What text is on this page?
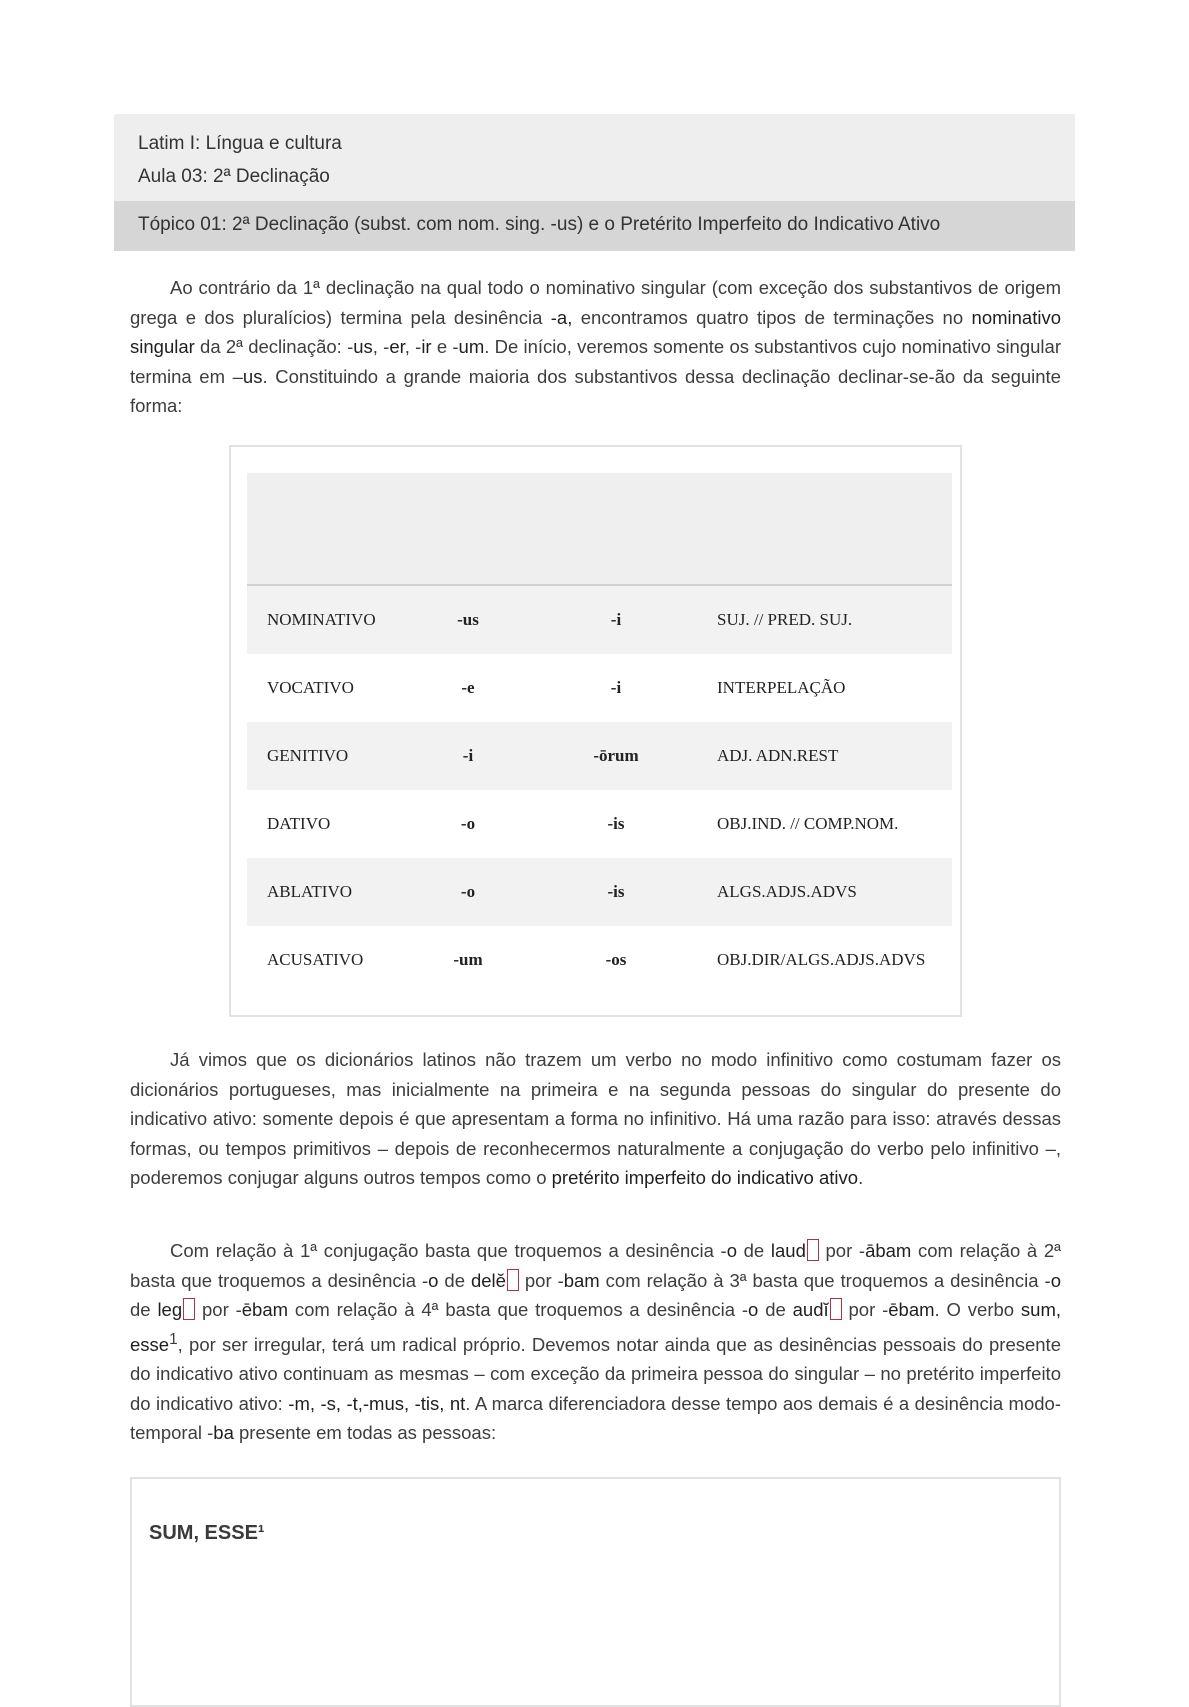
Latim I: Língua e cultura
Aula 03: 2ª Declinação
Tópico 01: 2ª Declinação (subst. com nom. sing. -us) e o Pretérito Imperfeito do Indicativo Ativo
Ao contrário da 1ª declinação na qual todo o nominativo singular (com exceção dos substantivos de origem grega e dos pluralícios) termina pela desinência -a, encontramos quatro tipos de terminações no nominativo singular da 2ª declinação: -us, -er, -ir e -um. De início, veremos somente os substantivos cujo nominativo singular termina em –us. Constituindo a grande maioria dos substantivos dessa declinação declinar-se-ão da seguinte forma:
NOMINATIVO	-us	-i	SUJ. // PRED. SUJ.
VOCATIVO	-e	-i	INTERPELAÇÃO
GENITIVO	-i	-ōrum	ADJ. ADN.REST
DATIVO	-o	-is	OBJ.IND. // COMP.NOM.
ABLATIVO	-o	-is	ALGS.ADJS.ADVS
ACUSATIVO	-um	-os	OBJ.DIR/ALGS.ADJS.ADVS
Já vimos que os dicionários latinos não trazem um verbo no modo infinitivo como costumam fazer os dicionários portugueses, mas inicialmente na primeira e na segunda pessoas do singular do presente do indicativo ativo: somente depois é que apresentam a forma no infinitivo. Há uma razão para isso: através dessas formas, ou tempos primitivos – depois de reconhecermos naturalmente a conjugação do verbo pelo infinitivo –, poderemos conjugar alguns outros tempos como o pretérito imperfeito do indicativo ativo.
Com relação à 1ª conjugação basta que troquemos a desinência -o de laud por -ābam com relação à 2ª basta que troquemos a desinência -o de delĕ por -bam com relação à 3ª basta que troquemos a desinência -o de leg por -ēbam com relação à 4ª basta que troquemos a desinência -o de audĭ por -ēbam. O verbo sum, esse$^1$, por ser irregular, terá um radical próprio. Devemos notar ainda que as desinências pessoais do presente do indicativo ativo continuam as mesmas – com exceção da primeira pessoa do singular – no pretérito imperfeito do indicativo ativo: -m, -s, -t,-mus, -tis, nt. A marca diferenciadora desse tempo aos demais é a desinência modo-temporal -ba presente em todas as pessoas:
SUM, ESSE¹
